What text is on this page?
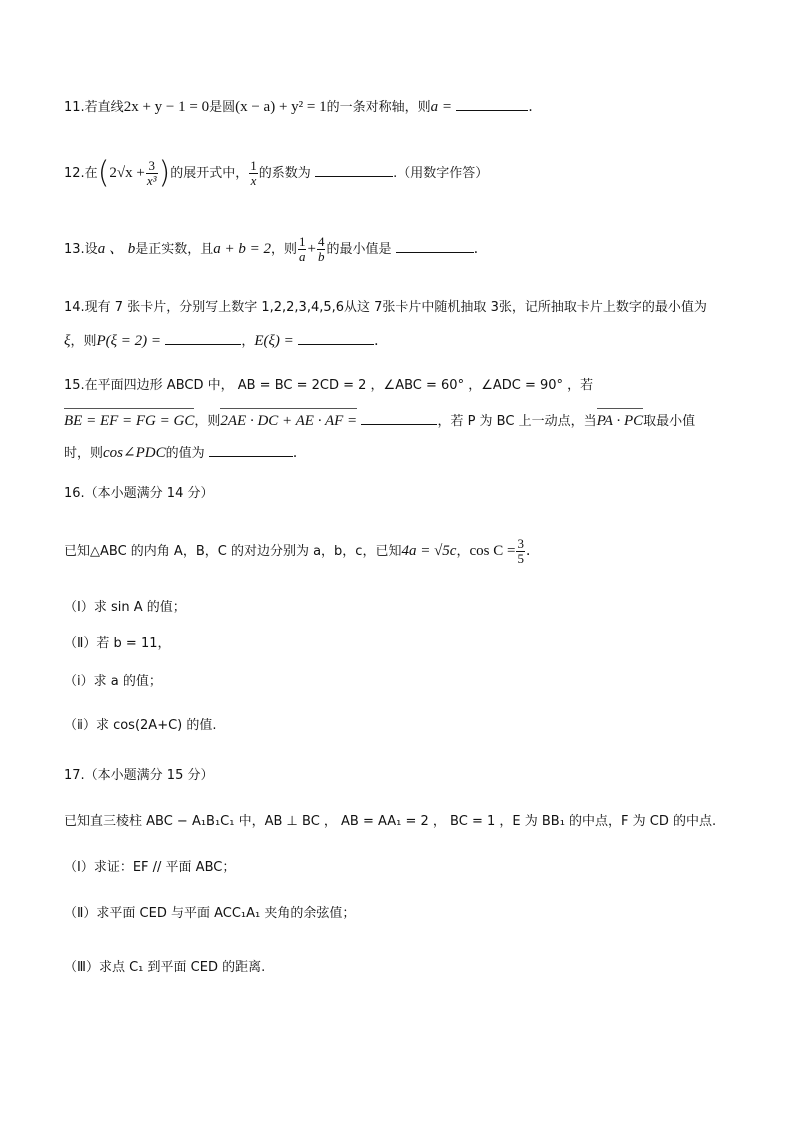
11.若直线2x + y − 1 = 0是圆(x − a) + y² = 1的一条对称轴，则a =	.
12.在($2√x + \frac{3}{\text{x³}}$ )的展开式中， $\frac{1}{x}$ 的系数为	.（用数字作答）
13.设a 、 b是正实数，且a + b = 2，则 $\frac{1}{a} + \frac{4}{b}$ 的最小值是	.
14.现有 7 张卡片，分别写上数字 1,2,2,3,4,5,6从这 7张卡片中随机抽取 3张，记所抽取卡片上数字的最小值为
ξ，则P(ξ = 2) =	，E(ξ) =	.
15.在平面四边形 ABCD 中， AB = BC = 2CD = 2 ，∠ABC = 60° ，∠ADC = 90° ，若
BE = EF = FG = GC，则2AE · DC + AE · AF =	，若 P 为 BC 上一动点，当PA · PC取最小值
时，则cos∠PDC的值为	.
16.（本小题满分 14 分）
已知△ABC 的内角 A，B，C 的对边分别为 a，b，c，已知4a = √5c，$\cos C = \frac{3}{5}$ .
（Ⅰ）求 sin A 的值；
（Ⅱ）若 b = 11，
（i）求 a 的值；
（ⅱ）求 cos(2A+C) 的值.
17.（本小题满分 15 分）
已知直三棱柱 ABC − A₁B₁C₁ 中，AB ⊥ BC ， AB = AA₁ = 2 ， BC = 1 ，E 为 BB₁ 的中点，F 为 CD 的中点.
（I）求证：EF // 平面 ABC；
（Ⅱ）求平面 CED 与平面 ACC₁A₁ 夹角的余弦值；
（Ⅲ）求点 C₁ 到平面 CED 的距离.
